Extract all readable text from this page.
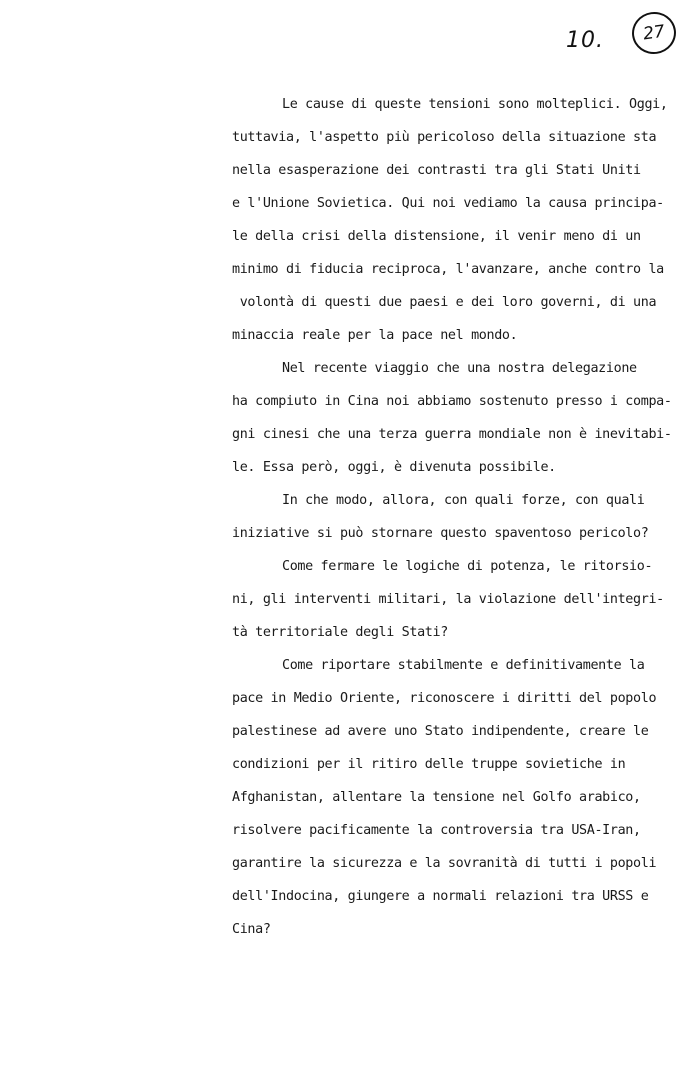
10.	27
Le cause di queste tensioni sono molteplici. Oggi,
tuttavia, l'aspetto più pericoloso della situazione sta
nella esasperazione dei contrasti tra gli Stati Uniti
e l'Unione Sovietica. Qui noi vediamo la causa principa-
le della crisi della distensione, il venir meno di un
minimo di fiducia reciproca, l'avanzare, anche contro la
volontà di questi due paesi e dei loro governi, di una
minaccia reale per la pace nel mondo.
Nel recente viaggio che una nostra delegazione
ha compiuto in Cina noi abbiamo sostenuto presso i compa-
gni cinesi che una terza guerra mondiale non è inevitabi-
le. Essa però, oggi, è divenuta possibile.
In che modo, allora, con quali forze, con quali
iniziative si può stornare questo spaventoso pericolo?
Come fermare le logiche di potenza, le ritorsio-
ni, gli interventi militari, la violazione dell'integri-
tà territoriale degli Stati?
Come riportare stabilmente e definitivamente la
pace in Medio Oriente, riconoscere i diritti del popolo
palestinese ad avere uno Stato indipendente, creare le
condizioni per il ritiro delle truppe sovietiche in
Afghanistan, allentare la tensione nel Golfo arabico,
risolvere pacificamente la controversia tra USA-Iran,
garantire la sicurezza e la sovranità di tutti i popoli
dell'Indocina, giungere a normali relazioni tra URSS e
Cina?
